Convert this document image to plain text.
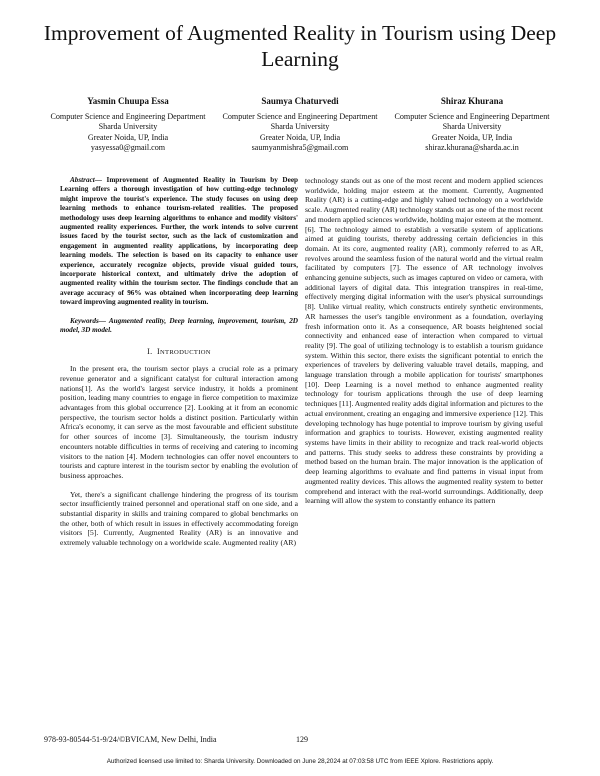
Improvement of Augmented Reality in Tourism using Deep Learning
Yasmin Chuupa Essa
Computer Science and Engineering Department
Sharda University
Greater Noida, UP, India
yasyessa0@gmail.com
Saumya Chaturvedi
Computer Science and Engineering Department
Sharda University
Greater Noida, UP, India
saumyanmishra5@gmail.com
Shiraz Khurana
Computer Science and Engineering Department
Sharda University
Greater Noida, UP, India
shiraz.khurana@sharda.ac.in

Abstract— Improvement of Augmented Reality in Tourism by Deep Learning offers a thorough investigation of how cutting-edge technology might improve the tourist's experience. The study focuses on using deep learning methods to enhance tourism-related realities. The proposed methodology uses deep learning algorithms to enhance and modify visitors' augmented reality experiences. Further, the work intends to solve current issues faced by the tourist sector, such as the lack of customization and engagement in augmented reality applications, by incorporating deep learning models. The selection is based on its capacity to enhance user experience, accurately recognize objects, provide visual guided tours, incorporate historical context, and ultimately drive the adoption of augmented reality within the tourism sector. The findings conclude that an average accuracy of 96% was obtained when incorporating deep learning toward improving augmented reality in tourism.

Keywords— Augmented reality, Deep learning, improvement, tourism, 2D model, 3D model.

I. INTRODUCTION

In the present era, the tourism sector plays a crucial role as a primary revenue generator and a significant catalyst for cultural interaction among nations[1]. As the world's largest service industry, it holds a prominent position, leading many countries to engage in fierce competition to maximize advantages from this global occurrence [2]. Looking at it from an economic perspective, the tourism sector holds a distinct position. Particularly within Africa's economy, it can serve as the most favourable and efficient substitute for other sources of income [3]. Simultaneously, the tourism industry encounters notable difficulties in terms of receiving and catering to incoming visitors to the nation [4]. Modern technologies can offer novel encounters to tourists and capture interest in the tourism sector by enabling the evolution of business approaches.

Yet, there's a significant challenge hindering the progress of its tourism sector insufficiently trained personnel and operational staff on one side, and a substantial disparity in skills and training compared to global benchmarks on the other, both of which result in issues in effectively accommodating foreign visitors [5]. Currently, Augmented Reality (AR) is an innovative and extremely valuable technology on a worldwide scale. Augmented reality (AR)

technology stands out as one of the most recent and modern applied sciences worldwide, holding major esteem at the moment. Currently, Augmented Reality (AR) is a cutting-edge and highly valued technology on a worldwide scale. Augmented reality (AR) technology stands out as one of the most recent and modern applied sciences worldwide, holding major esteem at the moment. [6]. The technology aimed to establish a versatile system of applications aimed at guiding tourists, thereby addressing certain deficiencies in this domain. At its core, augmented reality (AR), commonly referred to as AR, revolves around the seamless fusion of the natural world and the virtual realm facilitated by computers [7]. The essence of AR technology involves enhancing genuine subjects, such as images captured on video or camera, with additional layers of digital data. This integration transpires in real-time, effectively merging digital information with the user's physical surroundings [8]. Unlike virtual reality, which constructs entirely synthetic environments, AR harnesses the user's tangible environment as a foundation, overlaying fresh information onto it. As a consequence, AR boasts heightened social connectivity and enhanced ease of interaction when compared to virtual reality [9]. The goal of utilizing technology is to establish a tourism guidance system. Within this sector, there exists the significant potential to enrich the experiences of travelers by delivering valuable travel details, mapping, and language translation through a mobile application for tourists' smartphones [10]. Deep Learning is a novel method to enhance augmented reality technology for tourism applications through the use of deep learning techniques [11]. Augmented reality adds digital information and pictures to the actual environment, creating an engaging and immersive experience [12]. This developing technology has huge potential to improve tourism by giving useful information and graphics to tourists. However, existing augmented reality systems have limits in their ability to recognize and track real-world objects and patterns. This study seeks to address these constraints by providing a method based on the human brain. The major innovation is the application of deep learning algorithms to evaluate and find patterns in visual input from augmented reality devices. This allows the augmented reality system to better comprehend and interact with the real-world surroundings. Additionally, deep learning will allow the system to constantly enhance its pattern

978-93-80544-51-9/24/©BVICAM, New Delhi, India	129
Authorized licensed use limited to: Sharda University. Downloaded on June 28,2024 at 07:03:58 UTC from IEEE Xplore. Restrictions apply.
